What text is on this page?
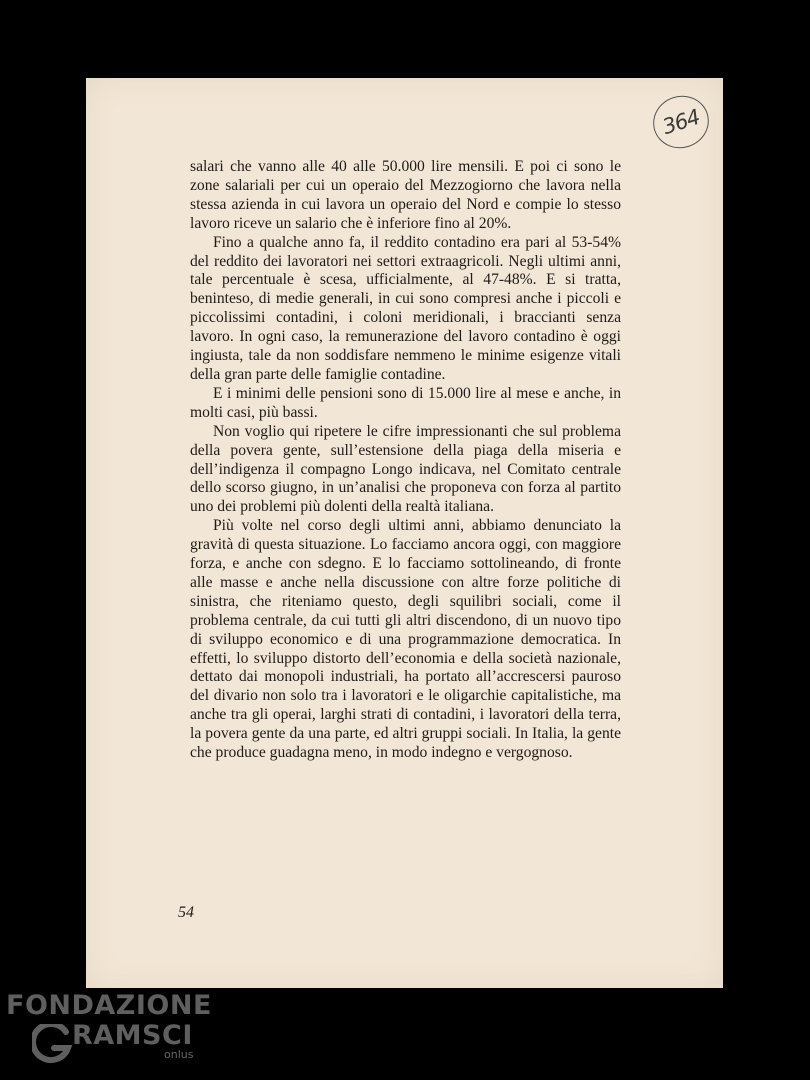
364

salari che vanno alle 40 alle 50.000 lire mensili. E poi ci sono le zone salariali per cui un operaio del Mezzogiorno che lavora nella stessa azienda in cui lavora un operaio del Nord e compie lo stesso lavoro riceve un salario che è inferiore fino al 20%.

Fino a qualche anno fa, il reddito contadino era pari al 53-54% del reddito dei lavoratori nei settori extraagricoli. Negli ultimi anni, tale percentuale è scesa, ufficialmente, al 47-48%. E si tratta, beninteso, di medie generali, in cui sono compresi anche i piccoli e piccolissimi contadini, i coloni meridionali, i braccianti senza lavoro. In ogni caso, la remunerazione del lavoro contadino è oggi ingiusta, tale da non soddisfare nemmeno le minime esigenze vitali della gran parte delle famiglie contadine.

E i minimi delle pensioni sono di 15.000 lire al mese e anche, in molti casi, più bassi.

Non voglio qui ripetere le cifre impressionanti che sul problema della povera gente, sull’estensione della piaga della miseria e dell’indigenza il compagno Longo indicava, nel Comitato centrale dello scorso giugno, in un’analisi che proponeva con forza al partito uno dei problemi più dolenti della realtà italiana.

Più volte nel corso degli ultimi anni, abbiamo denunciato la gravità di questa situazione. Lo facciamo ancora oggi, con maggiore forza, e anche con sdegno. E lo facciamo sottolineando, di fronte alle masse e anche nella discussione con altre forze politiche di sinistra, che riteniamo questo, degli squilibri sociali, come il problema centrale, da cui tutti gli altri discendono, di un nuovo tipo di sviluppo economico e di una programmazione democratica. In effetti, lo sviluppo distorto dell’economia e della società nazionale, dettato dai monopoli industriali, ha portato all’accrescersi pauroso del divario non solo tra i lavoratori e le oligarchie capitalistiche, ma anche tra gli operai, larghi strati di contadini, i lavoratori della terra, la povera gente da una parte, ed altri gruppi sociali. In Italia, la gente che produce guadagna meno, in modo indegno e vergognoso.

54
FONDAZIONE
RAMSCI
onlus
